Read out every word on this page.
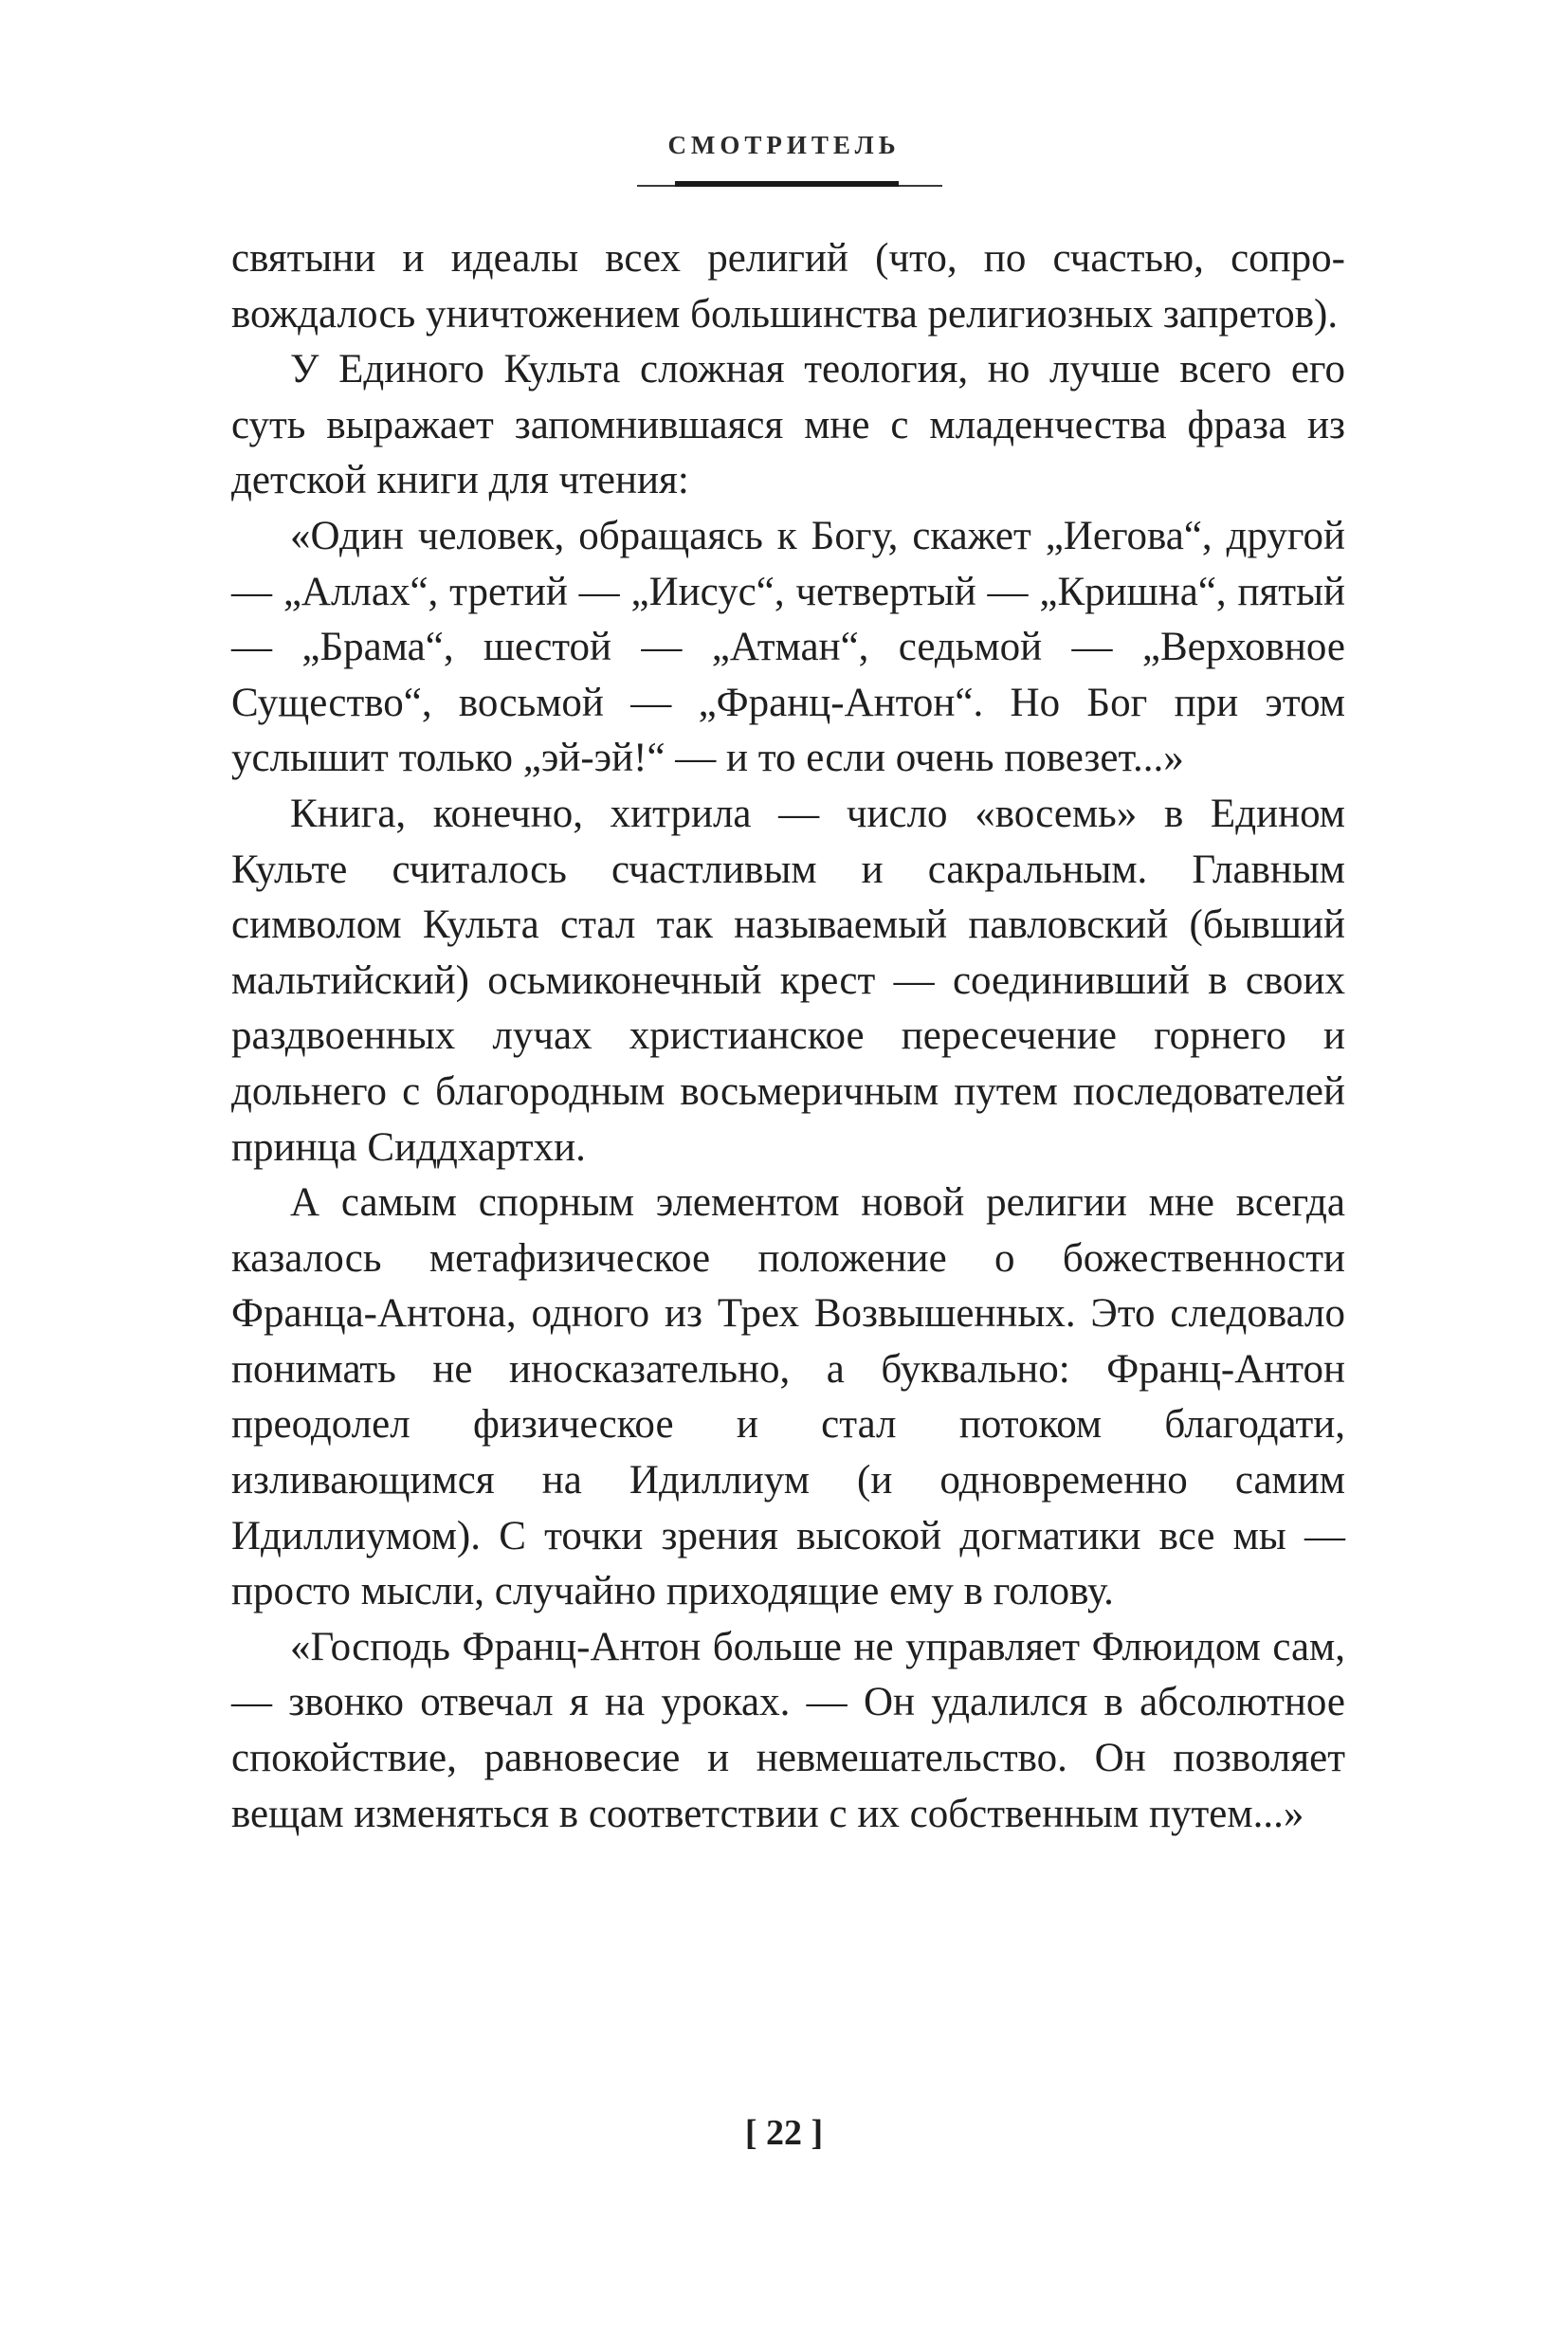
СМОТРИТЕЛЬ

святыни и идеалы всех религий (что, по счастью, сопровождалось уничтожением большинства религиозных запретов).

У Единого Культа сложная теология, но лучше всего его суть выражает запомнившаяся мне с младенчества фраза из детской книги для чтения:

«Один человек, обращаясь к Богу, скажет „Иегова“, другой — „Аллах“, третий — „Иисус“, четвертый — „Кришна“, пятый — „Брама“, шестой — „Атман“, седьмой — „Верховное Существо“, восьмой — „Франц-Антон“. Но Бог при этом услышит только „эй-эй!“ — и то если очень повезет...»

Книга, конечно, хитрила — число «восемь» в Едином Культе считалось счастливым и сакральным. Главным символом Культа стал так называемый павловский (бывший мальтийский) осьмиконечный крест — соединивший в своих раздвоенных лучах христианское пересечение горнего и дольнего с благородным восьмеричным путем последователей принца Сиддхартхи.

А самым спорным элементом новой религии мне всегда казалось метафизическое положение о божественности Франца-Антона, одного из Трех Возвышенных. Это следовало понимать не иносказательно, а буквально: Франц-Антон преодолел физическое и стал потоком благодати, изливающимся на Идиллиум (и одновременно самим Идиллиумом). С точки зрения высокой догматики все мы — просто мысли, случайно приходящие ему в голову.

«Господь Франц-Антон больше не управляет Флюидом сам, — звонко отвечал я на уроках. — Он удалился в абсолютное спокойствие, равновесие и невмешательство. Он позволяет вещам изменяться в соответствии с их собственным путем...»

[ 22 ]
